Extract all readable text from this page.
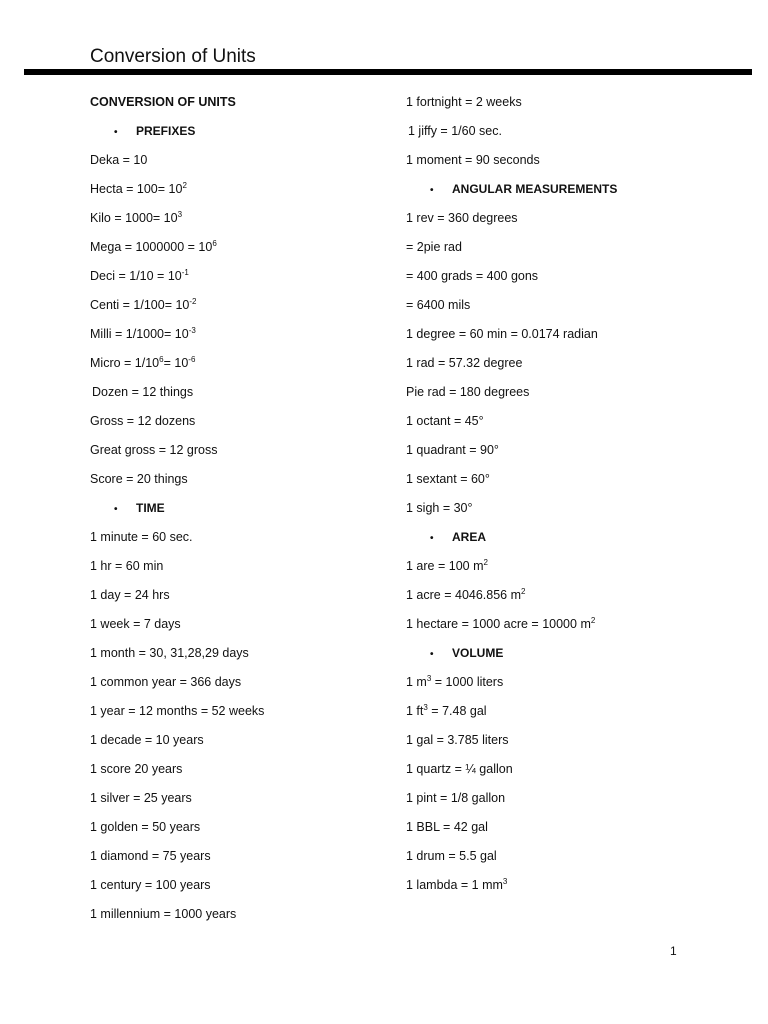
Conversion of Units
CONVERSION OF UNITS
• PREFIXES
Deka = 10
Hecta = $100= 10^2$
Kilo = $1000= 10^3$
Mega = $1000000 = 10^6$
Deci = $1/10 = 10^{-1}$
Centi = $1/100= 10^{-2}$
Milli = $1/1000= 10^{-3}$
Micro = $1/10^6= 10^{-6}$
Dozen = 12 things
Gross = 12 dozens
Great gross = 12 gross
Score = 20 things
• TIME
1 minute = 60 sec.
1 hr = 60 min
1 day = 24 hrs
1 week = 7 days
1 month = 30, 31,28,29 days
1 common year = 366 days
1 year = 12 months = 52 weeks
1 decade = 10 years
1 score 20 years
1 silver = 25 years
1 golden = 50 years
1 diamond = 75 years
1 century = 100 years
1 millennium = 1000 years
1 fortnight = 2 weeks
1 jiffy = 1/60 sec.
1 moment = 90 seconds
• ANGULAR MEASUREMENTS
1 rev = 360 degrees
= 2pie rad
= 400 grads = 400 gons
= 6400 mils
1 degree = 60 min = 0.0174 radian
1 rad = 57.32 degree
Pie rad = 180 degrees
1 octant = 45°
1 quadrant = 90°
1 sextant = 60°
1 sigh = 30°
• AREA
1 are = 100 $m^2$
1 acre = 4046.856 $m^2$
1 hectare = 1000 acre = 10000 $m^2$
• VOLUME
1 $m^3 = 1000$ liters
1 $ft^3 = 7.48$ gal
1 gal = 3.785 liters
1 quartz = ¼ gallon
1 pint = 1/8 gallon
1 BBL = 42 gal
1 drum = 5.5 gal
1 lambda = 1 $mm^3$
1
